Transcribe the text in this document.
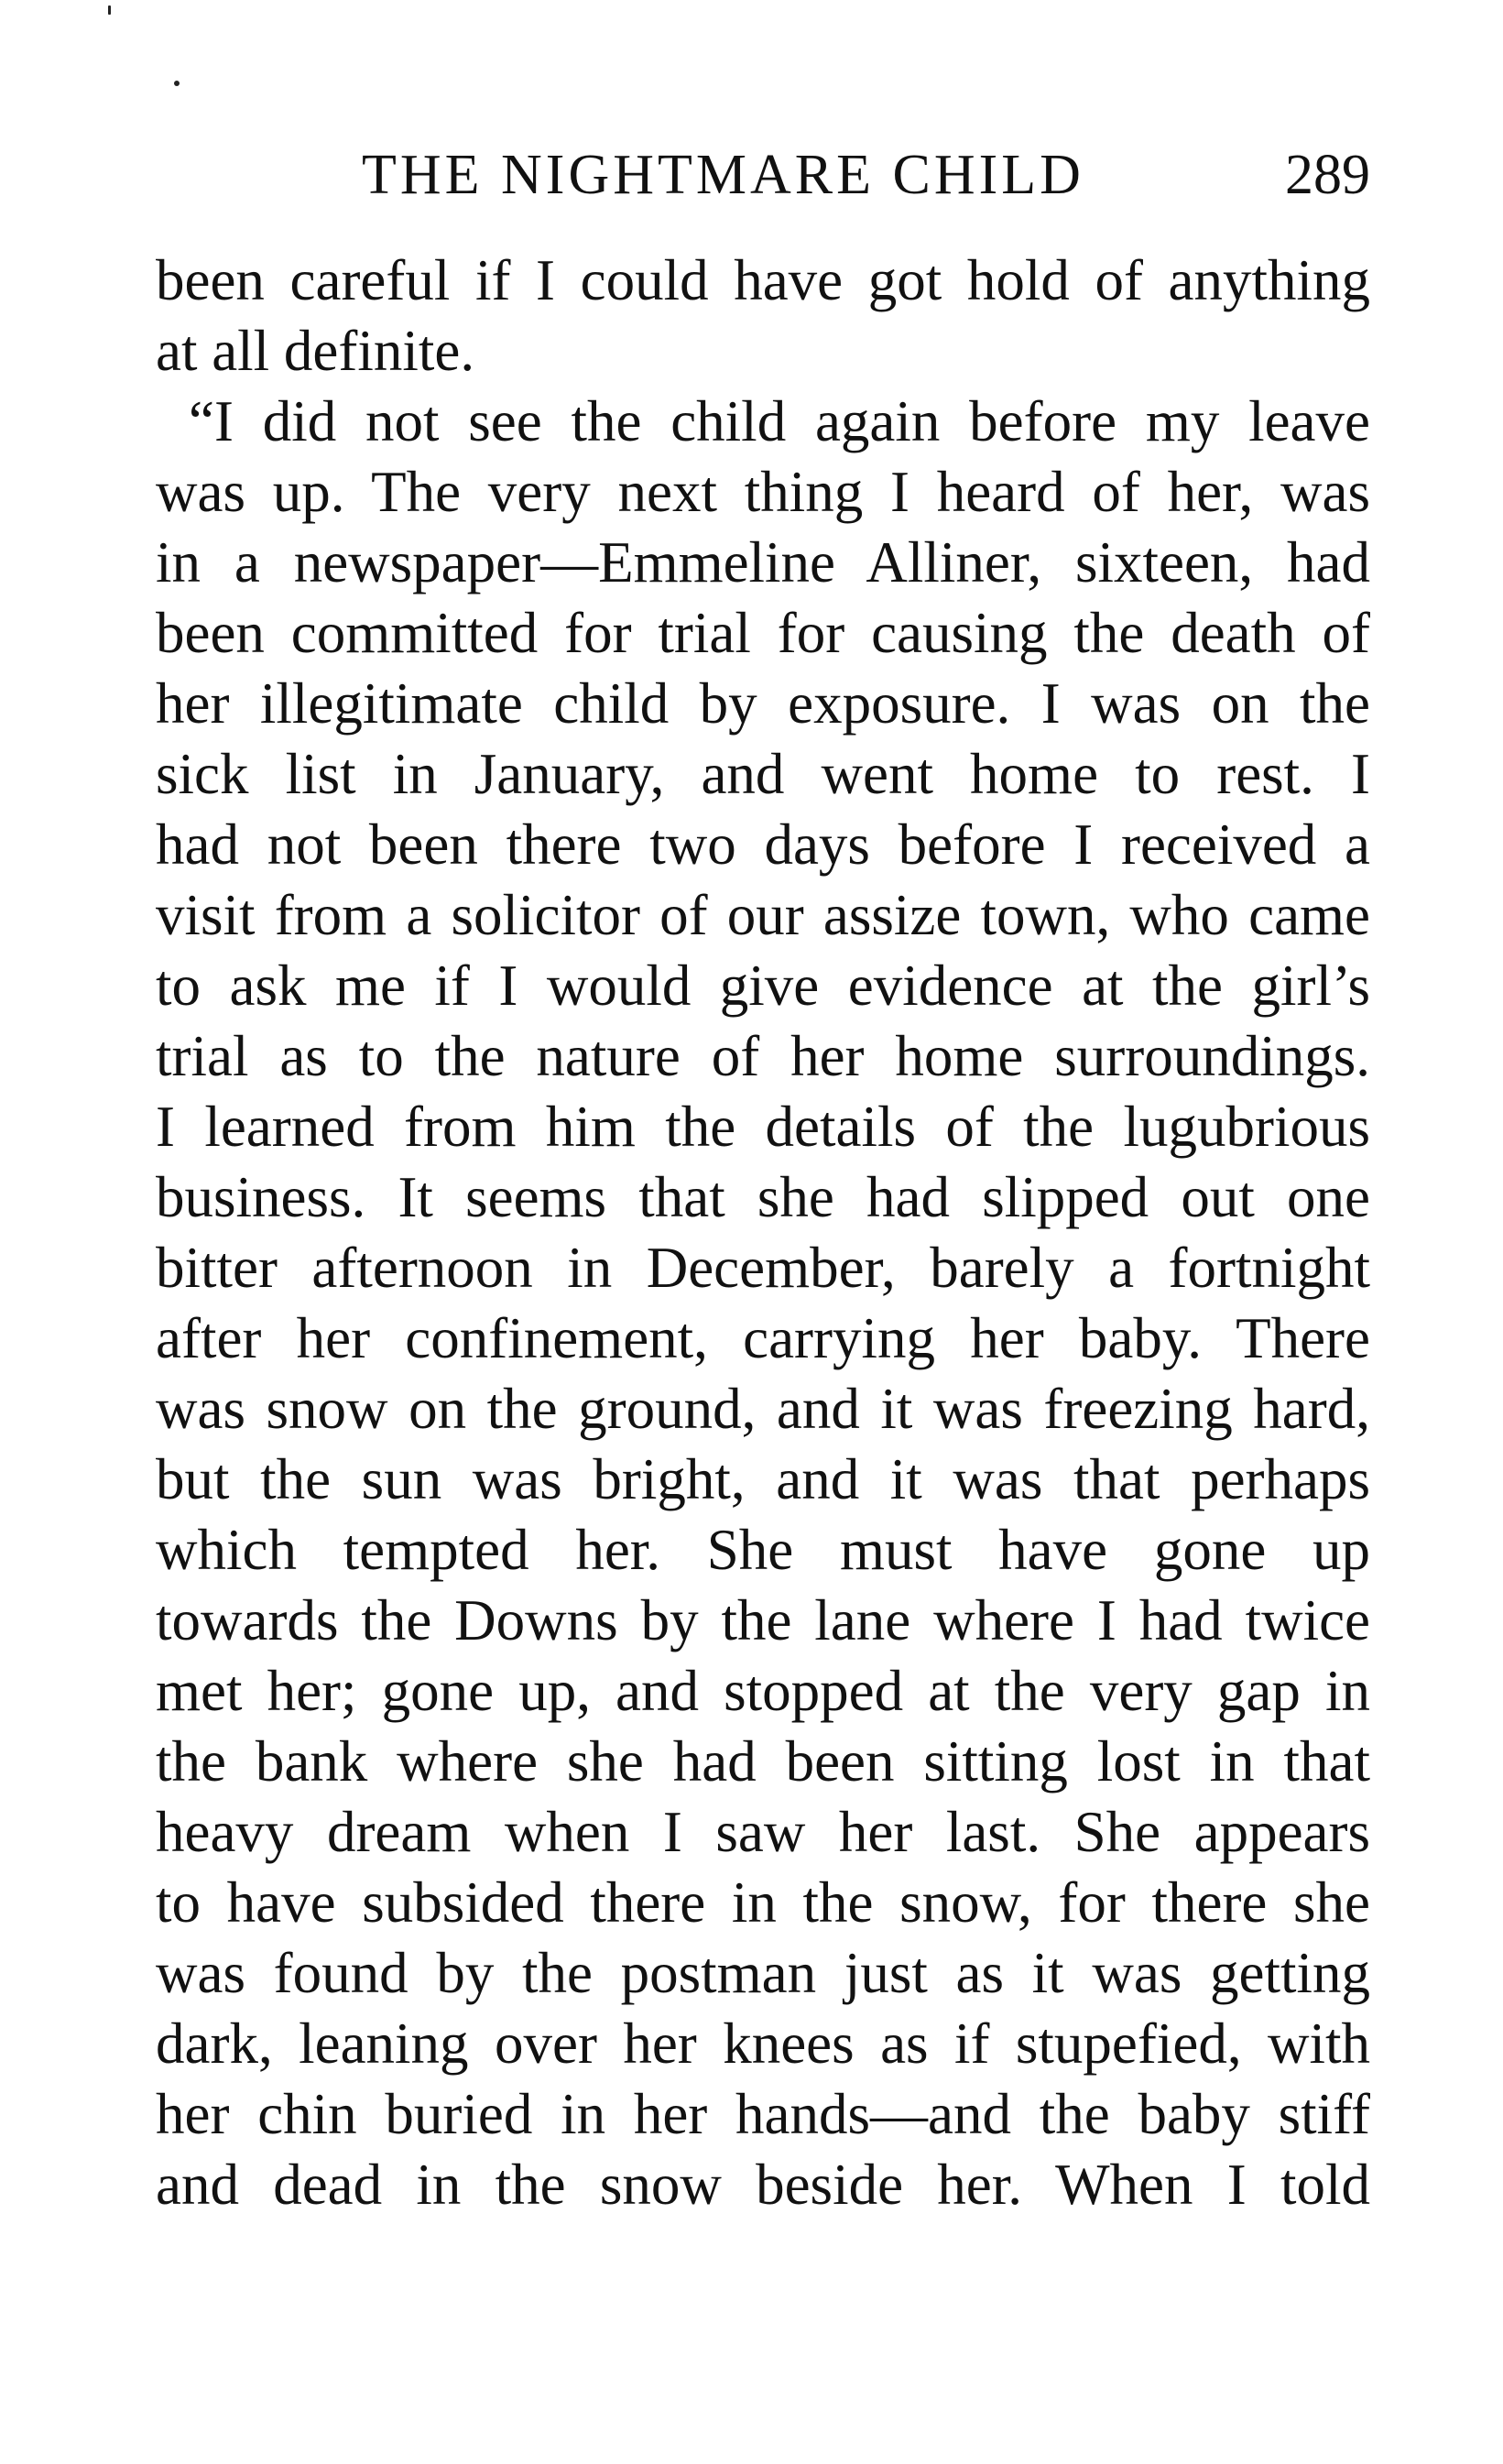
THE NIGHTMARE CHILD	289
been careful if I could have got hold of anything
at all definite.
“I did not see the child again before my leave
was up. The very next thing I heard of her, was
in a newspaper—Emmeline Alliner, sixteen, had
been committed for trial for causing the death of
her illegitimate child by exposure. I was on the
sick list in January, and went home to rest. I
had not been there two days before I received a
visit from a solicitor of our assize town, who came
to ask me if I would give evidence at the girl’s
trial as to the nature of her home surroundings.
I learned from him the details of the lugubrious
business. It seems that she had slipped out one
bitter afternoon in December, barely a fortnight
after her confinement, carrying her baby. There
was snow on the ground, and it was freezing hard,
but the sun was bright, and it was that perhaps
which tempted her. She must have gone up
towards the Downs by the lane where I had twice
met her; gone up, and stopped at the very gap in
the bank where she had been sitting lost in that
heavy dream when I saw her last. She appears
to have subsided there in the snow, for there she
was found by the postman just as it was getting
dark, leaning over her knees as if stupefied, with
her chin buried in her hands—and the baby stiff
and dead in the snow beside her. When I told
